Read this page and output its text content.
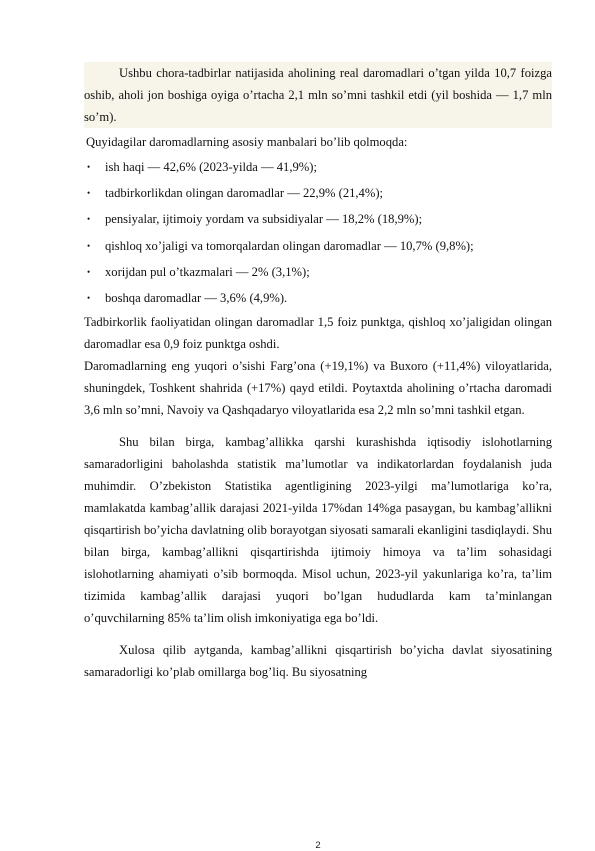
Ushbu chora-tadbirlar natijasida aholining real daromadlari o’tgan yilda 10,7 foizga oshib, aholi jon boshiga oyiga o’rtacha 2,1 mln so’mni tashkil etdi (yil boshida — 1,7 mln so’m).

Quyidagilar daromadlarning asosiy manbalari bo’lib qolmoqda:

• ish haqi — 42,6% (2023-yilda — 41,9%);
• tadbirkorlikdan olingan daromadlar — 22,9% (21,4%);
• pensiyalar, ijtimoiy yordam va subsidiyalar — 18,2% (18,9%);
• qishloq xo’jaligi va tomorqalardan olingan daromadlar — 10,7% (9,8%);
• xorijdan pul o’tkazmalari — 2% (3,1%);
• boshqa daromadlar — 3,6% (4,9%).

Tadbirkorlik faoliyatidan olingan daromadlar 1,5 foiz punktga, qishloq xo’jaligidan olingan daromadlar esa 0,9 foiz punktga oshdi.

Daromadlarning eng yuqori o’sishi Farg’ona (+19,1%) va Buxoro (+11,4%) viloyatlarida, shuningdek, Toshkent shahrida (+17%) qayd etildi. Poytaxtda aholining o’rtacha daromadi 3,6 mln so’mni, Navoiy va Qashqadaryo viloyatlarida esa 2,2 mln so’mni tashkil etgan.

Shu bilan birga, kambag’allikka qarshi kurashishda iqtisodiy islohotlarning samaradorligini baholashda statistik ma’lumotlar va indikatorlardan foydalanish juda muhimdir. O’zbekiston Statistika agentligining 2023-yilgi ma’lumotlariga ko’ra, mamlakatda kambag’allik darajasi 2021-yilda 17%dan 14%ga pasaygan, bu kambag’allikni qisqartirish bo’yicha davlatning olib borayotgan siyosati samarali ekanligini tasdiqlaydi. Shu bilan birga, kambag’allikni qisqartirishda ijtimoiy himoya va ta’lim sohasidagi islohotlarning ahamiyati o’sib bormoqda. Misol uchun, 2023-yil yakunlariga ko’ra, ta’lim tizimida kambag’allik darajasi yuqori bo’lgan hududlarda kam ta’minlangan o’quvchilarning 85% ta’lim olish imkoniyatiga ega bo’ldi.

Xulosa qilib aytganda, kambag’allikni qisqartirish bo’yicha davlat siyosatining samaradorligi ko’plab omillarga bog’liq. Bu siyosatning

2
